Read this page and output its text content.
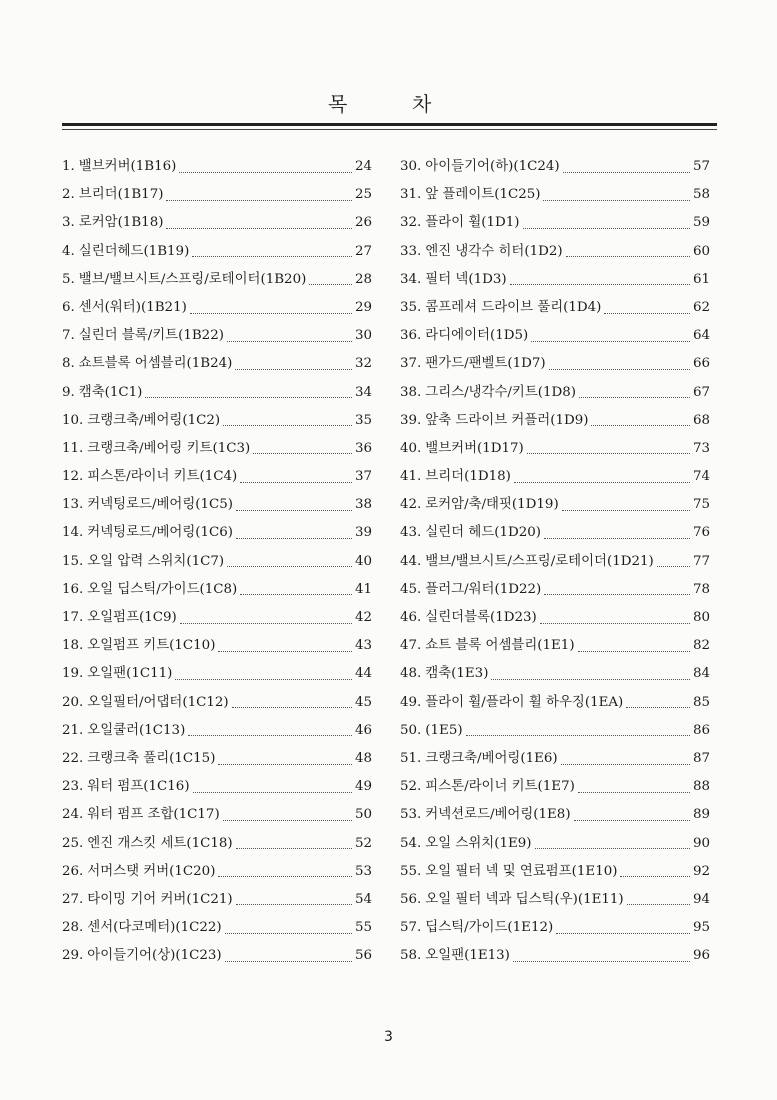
목	차
1. 밸브커버(1B16)	24
2. 브리더(1B17)	25
3. 로커암(1B18)	26
4. 실린더헤드(1B19)	27
5. 밸브/밸브시트/스프링/로테이터(1B20)	28
6. 센서(워터)(1B21)	29
7. 실린더 블록/키트(1B22)	30
8. 쇼트블록 어셈블리(1B24)	32
9. 캠축(1C1)	34
10. 크랭크축/베어링(1C2)	35
11. 크랭크축/베어링 키트(1C3)	36
12. 피스톤/라이너 키트(1C4)	37
13. 커넥팅로드/베어링(1C5)	38
14. 커넥팅로드/베어링(1C6)	39
15. 오일 압력 스위치(1C7)	40
16. 오일 딥스틱/가이드(1C8)	41
17. 오일펌프(1C9)	42
18. 오일펌프 키트(1C10)	43
19. 오일팬(1C11)	44
20. 오일필터/어댑터(1C12)	45
21. 오일쿨러(1C13)	46
22. 크랭크축 풀리(1C15)	48
23. 워터 펌프(1C16)	49
24. 워터 펌프 조합(1C17)	50
25. 엔진 개스킷 세트(1C18)	52
26. 서머스탯 커버(1C20)	53
27. 타이밍 기어 커버(1C21)	54
28. 센서(다코메터)(1C22)	55
29. 아이들기어(상)(1C23)	56
30. 아이들기어(하)(1C24)	57
31. 앞 플레이트(1C25)	58
32. 플라이 휠(1D1)	59
33. 엔진 냉각수 히터(1D2)	60
34. 필터 넥(1D3)	61
35. 콤프레셔 드라이브 풀리(1D4)	62
36. 라디에이터(1D5)	64
37. 팬가드/팬벨트(1D7)	66
38. 그리스/냉각수/키트(1D8)	67
39. 앞축 드라이브 커플러(1D9)	68
40. 밸브커버(1D17)	73
41. 브리더(1D18)	74
42. 로커암/축/태핏(1D19)	75
43. 실린더 헤드(1D20)	76
44. 밸브/밸브시트/스프링/로테이더(1D21)	77
45. 플러그/워터(1D22)	78
46. 실린더블록(1D23)	80
47. 쇼트 블록 어셈블리(1E1)	82
48. 캠축(1E3)	84
49. 플라이 휠/플라이 휠 하우징(1EA)	85
50. (1E5)	86
51. 크랭크축/베어링(1E6)	87
52. 피스톤/라이너 키트(1E7)	88
53. 커넥션로드/베어링(1E8)	89
54. 오일 스위치(1E9)	90
55. 오일 필터 넥 및 연료펌프(1E10)	92
56. 오일 필터 넥과 딥스틱(우)(1E11)	94
57. 딥스틱/가이드(1E12)	95
58. 오일팬(1E13)	96
3
